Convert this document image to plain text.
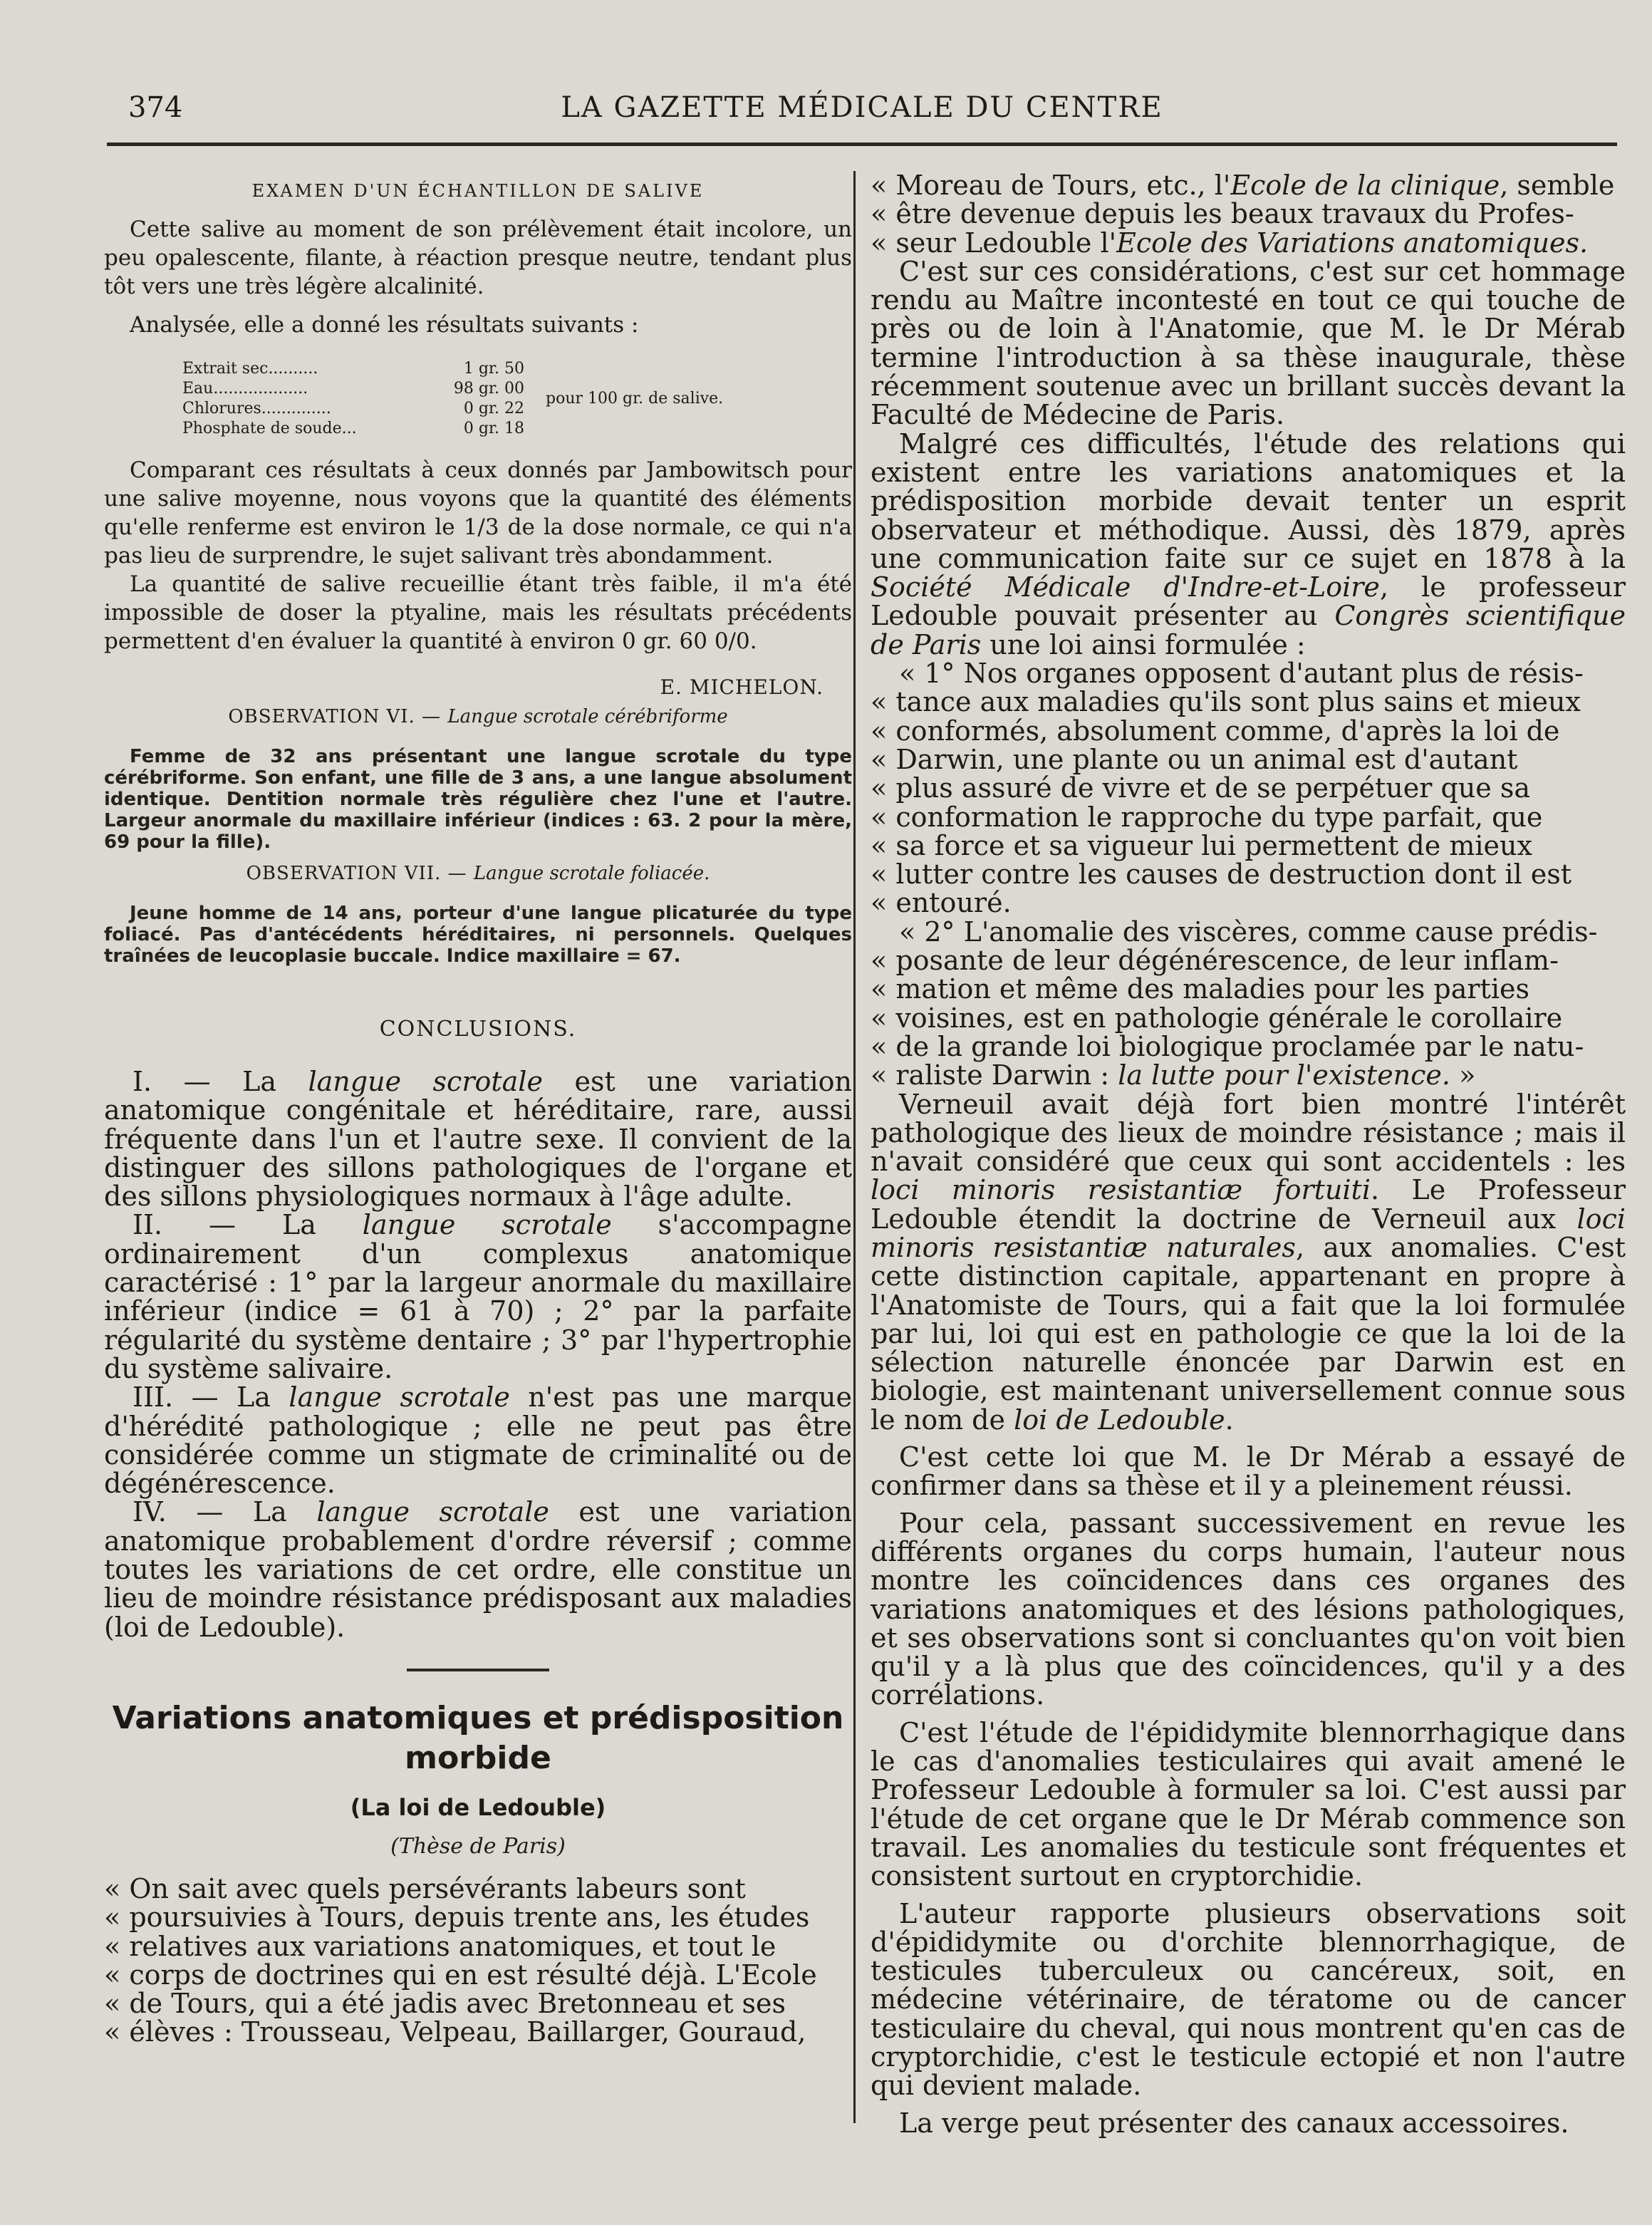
374	LA GAZETTE MÉDICALE DU CENTRE
EXAMEN D'UN ÉCHANTILLON DE SALIVE

Cette salive au moment de son prélèvement était incolore, un peu opalescente, filante, à réaction presque neutre, tendant plus tôt vers une très légère alcalinité.

Analysée, elle a donné les résultats suivants :

Extrait sec..........	1 gr. 50
Eau...................	98 gr. 00
Chlorures..............	0 gr. 22
Phosphate de soude...	0 gr. 18
pour 100 gr. de salive.

Comparant ces résultats à ceux donnés par Jambowitsch pour une salive moyenne, nous voyons que la quantité des éléments qu'elle renferme est environ le 1/3 de la dose normale, ce qui n'a pas lieu de surprendre, le sujet salivant très abondamment.

La quantité de salive recueillie étant très faible, il m'a été impossible de doser la ptyaline, mais les résultats précédents permettent d'en évaluer la quantité à environ 0 gr. 60 0/0.

E. MICHELON.
OBSERVATION VI. — Langue scrotale cérébriforme

Femme de 32 ans présentant une langue scrotale du type cérébriforme. Son enfant, une fille de 3 ans, a une langue absolument identique. Dentition normale très régulière chez l'une et l'autre. Largeur anormale du maxillaire inférieur (indices : 63. 2 pour la mère, 69 pour la fille).

OBSERVATION VII. — Langue scrotale foliacée.

Jeune homme de 14 ans, porteur d'une langue plicaturée du type foliacé. Pas d'antécédents héréditaires, ni personnels. Quelques traînées de leucoplasie buccale. Indice maxillaire = 67.

CONCLUSIONS.

I. — La langue scrotale est une variation anatomique congénitale et héréditaire, rare, aussi fréquente dans l'un et l'autre sexe. Il convient de la distinguer des sillons pathologiques de l'organe et des sillons physiologiques normaux à l'âge adulte.

II. — La langue scrotale s'accompagne ordinairement d'un complexus anatomique caractérisé : 1° par la largeur anormale du maxillaire inférieur (indice = 61 à 70) ; 2° par la parfaite régularité du système dentaire ; 3° par l'hypertrophie du système salivaire.

III. — La langue scrotale n'est pas une marque d'hérédité pathologique ; elle ne peut pas être considérée comme un stigmate de criminalité ou de dégénérescence.

IV. — La langue scrotale est une variation anatomique probablement d'ordre réversif ; comme toutes les variations de cet ordre, elle constitue un lieu de moindre résistance prédisposant aux maladies (loi de Ledouble).

Variations anatomiques et prédisposition morbide
(La loi de Ledouble)
(Thèse de Paris)
« On sait avec quels persévérants labeurs sont
« poursuivies à Tours, depuis trente ans, les études
« relatives aux variations anatomiques, et tout le
« corps de doctrines qui en est résulté déjà. L'Ecole
« de Tours, qui a été jadis avec Bretonneau et ses
« élèves : Trousseau, Velpeau, Baillarger, Gouraud,
« Moreau de Tours, etc., l'Ecole de la clinique, semble
« être devenue depuis les beaux travaux du Profes-
« seur Ledouble l'Ecole des Variations anatomiques.

C'est sur ces considérations, c'est sur cet hommage rendu au Maître incontesté en tout ce qui touche de près ou de loin à l'Anatomie, que M. le Dr Mérab termine l'introduction à sa thèse inaugurale, thèse récemment soutenue avec un brillant succès devant la Faculté de Médecine de Paris.

Malgré ces difficultés, l'étude des relations qui existent entre les variations anatomiques et la prédisposition morbide devait tenter un esprit observateur et méthodique. Aussi, dès 1879, après une communication faite sur ce sujet en 1878 à la Société Médicale d'Indre-et-Loire, le professeur Ledouble pouvait présenter au Congrès scientifique de Paris une loi ainsi formulée :

« 1° Nos organes opposent d'autant plus de résis-
« tance aux maladies qu'ils sont plus sains et mieux
« conformés, absolument comme, d'après la loi de
« Darwin, une plante ou un animal est d'autant
« plus assuré de vivre et de se perpétuer que sa
« conformation le rapproche du type parfait, que
« sa force et sa vigueur lui permettent de mieux
« lutter contre les causes de destruction dont il est
« entouré.
« 2° L'anomalie des viscères, comme cause prédis-
« posante de leur dégénérescence, de leur inflam-
« mation et même des maladies pour les parties
« voisines, est en pathologie générale le corollaire
« de la grande loi biologique proclamée par le natu-
« raliste Darwin : la lutte pour l'existence. »

Verneuil avait déjà fort bien montré l'intérêt pathologique des lieux de moindre résistance ; mais il n'avait considéré que ceux qui sont accidentels : les loci minoris resistantiæ fortuiti. Le Professeur Ledouble étendit la doctrine de Verneuil aux loci minoris resistantiæ naturales, aux anomalies. C'est cette distinction capitale, appartenant en propre à l'Anatomiste de Tours, qui a fait que la loi formulée par lui, loi qui est en pathologie ce que la loi de la sélection naturelle énoncée par Darwin est en biologie, est maintenant universellement connue sous le nom de loi de Ledouble.

C'est cette loi que M. le Dr Mérab a essayé de confirmer dans sa thèse et il y a pleinement réussi.

Pour cela, passant successivement en revue les différents organes du corps humain, l'auteur nous montre les coïncidences dans ces organes des variations anatomiques et des lésions pathologiques, et ses observations sont si concluantes qu'on voit bien qu'il y a là plus que des coïncidences, qu'il y a des corrélations.

C'est l'étude de l'épididymite blennorrhagique dans le cas d'anomalies testiculaires qui avait amené le Professeur Ledouble à formuler sa loi. C'est aussi par l'étude de cet organe que le Dr Mérab commence son travail. Les anomalies du testicule sont fréquentes et consistent surtout en cryptorchidie.

L'auteur rapporte plusieurs observations soit d'épididymite ou d'orchite blennorrhagique, de testicules tuberculeux ou cancéreux, soit, en médecine vétérinaire, de tératome ou de cancer testiculaire du cheval, qui nous montrent qu'en cas de cryptorchidie, c'est le testicule ectopié et non l'autre qui devient malade.

La verge peut présenter des canaux accessoires.
